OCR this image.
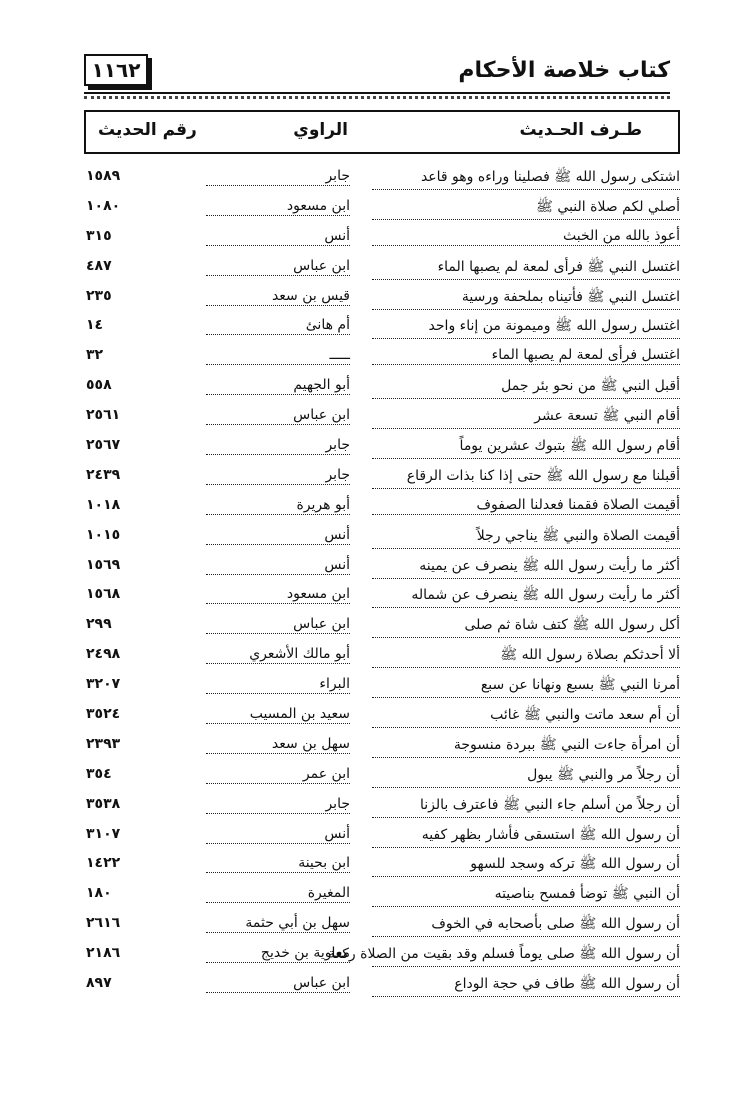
كتاب خلاصة الأحكام
١١٦٢
طـرف الحـديث
الراوي
رقم الحديث
اشتكى رسول الله ﷺ فصلينا وراءه وهو قاعد
جابر
١٥٨٩
أصلي لكم صلاة النبي ﷺ
ابن مسعود
١٠٨٠
أعوذ بالله من الخبث
أنس
٣١٥
اغتسل النبي ﷺ فرأى لمعة لم يصبها الماء
ابن عباس
٤٨٧
اغتسل النبي ﷺ فأتيناه بملحفة ورسية
قيس بن سعد
٢٣٥
اغتسل رسول الله ﷺ وميمونة من إناء واحد
أم هانئ
١٤
اغتسل فرأى لمعة لم يصبها الماء
ـــــ
٣٢
أقبل النبي ﷺ من نحو بئر جمل
أبو الجهيم
٥٥٨
أقام النبي ﷺ تسعة عشر
ابن عباس
٢٥٦١
أقام رسول الله ﷺ بتبوك عشرين يوماً
جابر
٢٥٦٧
أقبلنا مع رسول الله ﷺ حتى إذا كنا بذات الرقاع
جابر
٢٤٣٩
أقيمت الصلاة فقمنا فعدلنا الصفوف
أبو هريرة
١٠١٨
أقيمت الصلاة والنبي ﷺ يناجي رجلاً
أنس
١٠١٥
أكثر ما رأيت رسول الله ﷺ ينصرف عن يمينه
أنس
١٥٦٩
أكثر ما رأيت رسول الله ﷺ ينصرف عن شماله
ابن مسعود
١٥٦٨
أكل رسول الله ﷺ كتف شاة ثم صلى
ابن عباس
٢٩٩
ألا أحدثكم بصلاة رسول الله ﷺ
أبو مالك الأشعري
٢٤٩٨
أمرنا النبي ﷺ بسبع ونهانا عن سبع
البراء
٣٢٠٧
أن أم سعد ماتت والنبي ﷺ غائب
سعيد بن المسيب
٣٥٢٤
أن امرأة جاءت النبي ﷺ ببردة منسوجة
سهل بن سعد
٢٣٩٣
أن رجلاً مر والنبي ﷺ يبول
ابن عمر
٣٥٤
أن رجلاً من أسلم جاء النبي ﷺ فاعترف بالزنا
جابر
٣٥٣٨
أن رسول الله ﷺ استسقى فأشار بظهر كفيه
أنس
٣١٠٧
أن رسول الله ﷺ تركه وسجد للسهو
ابن بحينة
١٤٢٢
أن النبي ﷺ توضأ فمسح بناصيته
المغيرة
١٨٠
أن رسول الله ﷺ صلى بأصحابه في الخوف
سهل بن أبي حثمة
٢٦١٦
أن رسول الله ﷺ صلى يوماً فسلم وقد بقيت من الصلاة ركعة
معاوية بن خديج
٢١٨٦
أن رسول الله ﷺ طاف في حجة الوداع
ابن عباس
٨٩٧
